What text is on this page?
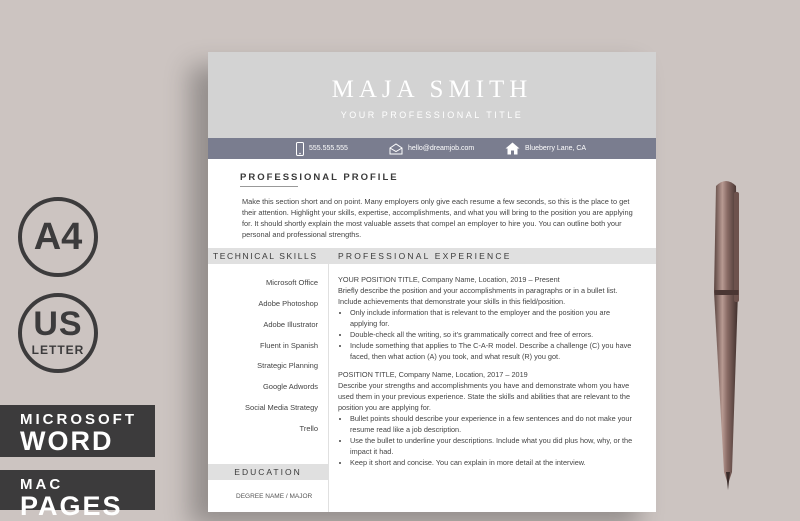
A4
US
LETTER
MICROSOFT
WORD
MAC
PAGES
MAJA SMITH
YOUR PROFESSIONAL TITLE
555.555.555	hello@dreamjob.com	Blueberry Lane, CA
PROFESSIONAL PROFILE
Make this section short and on point. Many employers only give each resume a few seconds, so this is the place to get their attention. Highlight your skills, expertise, accomplishments, and what you will bring to the position you are applying for. It should shortly explain the most valuable assets that compel an employer to hire you. You can outline both your personal and professional strengths.
TECHNICAL SKILLS PROFESSIONAL EXPERIENCE
Microsoft Office
Adobe Photoshop
Adobe Illustrator
Fluent in Spanish
Strategic Planning
Google Adwords
Social Media Strategy
Trello
EDUCATION
DEGREE NAME / MAJOR

YOUR POSITION TITLE, Company Name, Location, 2019 – Present

Briefly describe the position and your accomplishments in paragraphs or in a bullet list. Include achievements that demonstrate your skills in this field/position.

• Only include information that is relevant to the employer and the position you are applying for.
• Double-check all the writing, so it’s grammatically correct and free of errors.
• Include something that applies to The C-A-R model. Describe a challenge (C) you have faced, then what action (A) you took, and what result (R) you got.

POSITION TITLE, Company Name, Location, 2017 – 2019

Describe your strengths and accomplishments you have and demonstrate whom you have used them in your previous experience. State the skills and abilities that are relevant to the position you are applying for.

• Bullet points should describe your experience in a few sentences and do not make your resume read like a job description.
• Use the bullet to underline your descriptions. Include what you did plus how, why, or the impact it had.
• Keep it short and concise. You can explain in more detail at the interview.
